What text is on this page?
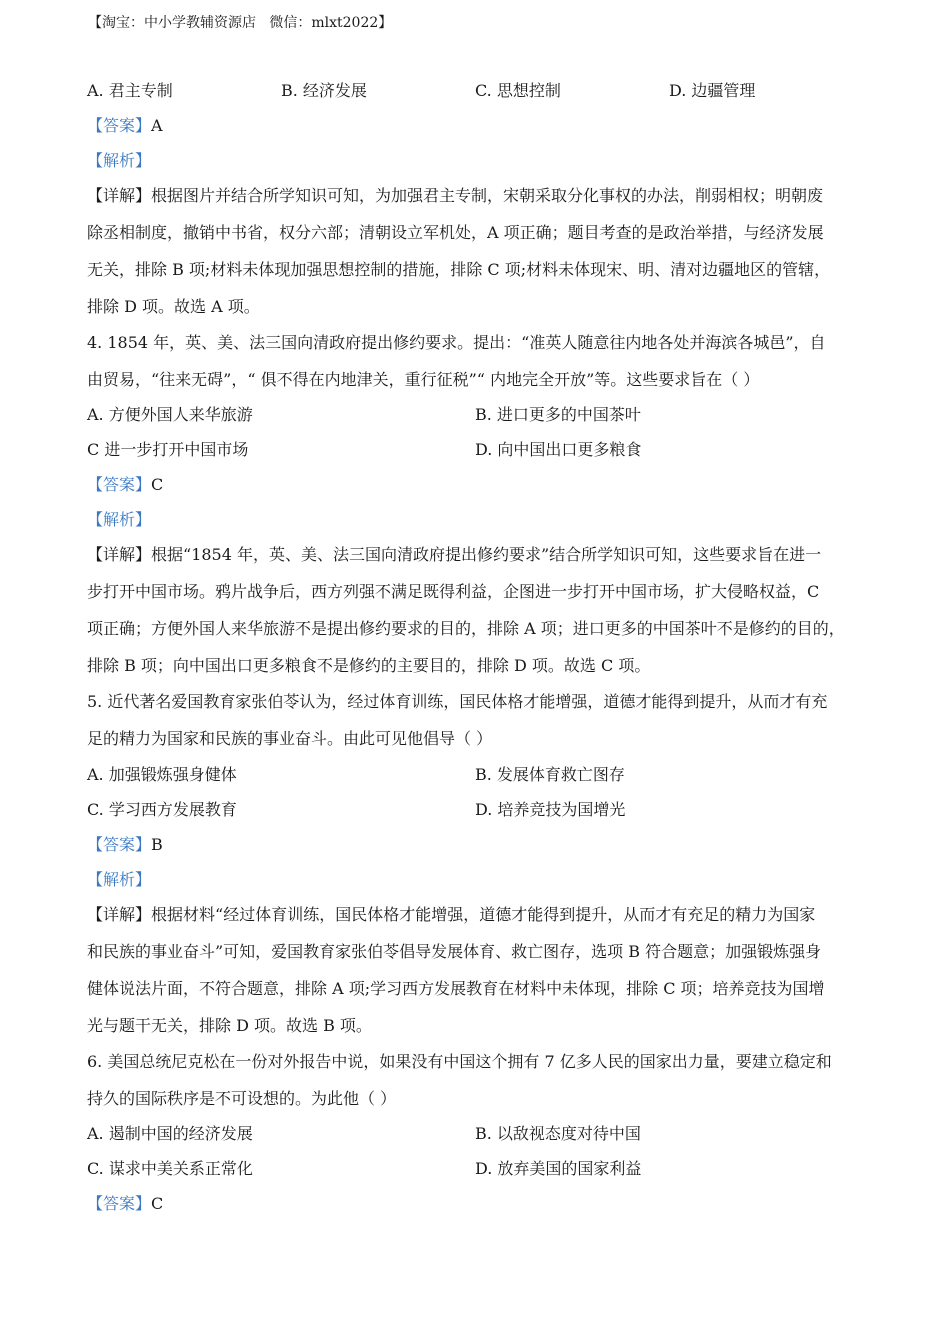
【淘宝：中小学教辅资源店   微信：mlxt2022】
A. 君主专制	B. 经济发展	C. 思想控制	D. 边疆管理
【答案】A
【解析】
【详解】根据图片并结合所学知识可知，为加强君主专制，宋朝采取分化事权的办法，削弱相权；明朝废
除丞相制度，撤销中书省，权分六部；清朝设立军机处，A 项正确；题目考查的是政治举措，与经济发展
无关，排除 B 项;材料未体现加强思想控制的措施，排除 C 项;材料未体现宋、明、清对边疆地区的管辖，
排除 D 项。故选 A 项。
4. 1854 年，英、美、法三国向清政府提出修约要求。提出：“准英人随意往内地各处并海滨各城邑”，自
由贸易，“往来无碍”，“ 俱不得在内地津关，重行征税”“ 内地完全开放”等。这些要求旨在（ ）
A. 方便外国人来华旅游	B. 进口更多的中国茶叶
C 进一步打开中国市场	D. 向中国出口更多粮食
【答案】C
【解析】
【详解】根据“1854 年，英、美、法三国向清政府提出修约要求”结合所学知识可知，这些要求旨在进一
步打开中国市场。鸦片战争后，西方列强不满足既得利益，企图进一步打开中国市场，扩大侵略权益，C
项正确；方便外国人来华旅游不是提出修约要求的目的，排除 A 项；进口更多的中国茶叶不是修约的目的，
排除 B 项；向中国出口更多粮食不是修约的主要目的，排除 D 项。故选 C 项。
5. 近代著名爱国教育家张伯苓认为，经过体育训练，国民体格才能增强，道德才能得到提升，从而才有充
足的精力为国家和民族的事业奋斗。由此可见他倡导（ ）
A. 加强锻炼强身健体	B. 发展体育救亡图存
C. 学习西方发展教育	D. 培养竞技为国增光
【答案】B
【解析】
【详解】根据材料“经过体育训练，国民体格才能增强，道德才能得到提升，从而才有充足的精力为国家
和民族的事业奋斗”可知，爱国教育家张伯苓倡导发展体育、救亡图存，选项 B 符合题意；加强锻炼强身
健体说法片面，不符合题意，排除 A 项;学习西方发展教育在材料中未体现，排除 C 项；培养竞技为国增
光与题干无关，排除 D 项。故选 B 项。
6. 美国总统尼克松在一份对外报告中说，如果没有中国这个拥有 7 亿多人民的国家出力量，要建立稳定和
持久的国际秩序是不可设想的。为此他（ ）
A. 遏制中国的经济发展	B. 以敌视态度对待中国
C. 谋求中美关系正常化	D. 放弃美国的国家利益
【答案】C
